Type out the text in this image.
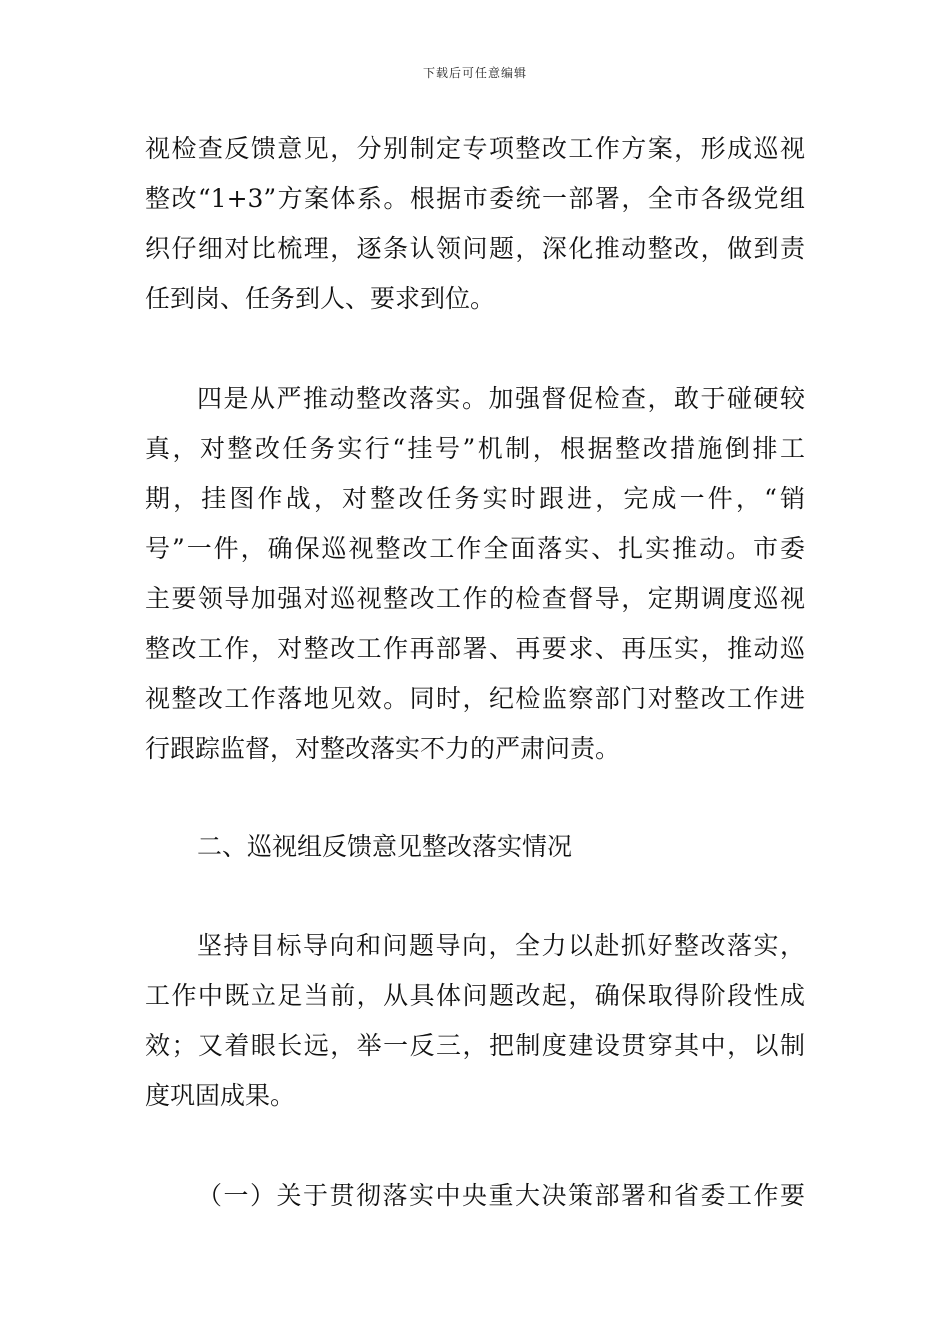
下载后可任意编辑
视检查反馈意见，分别制定专项整改工作方案，形成巡视
整改“1+3”方案体系。根据市委统一部署，全市各级党组
织仔细对比梳理，逐条认领问题，深化推动整改，做到责
任到岗、任务到人、要求到位。
四是从严推动整改落实。加强督促检查，敢于碰硬较
真，对整改任务实行“挂号”机制，根据整改措施倒排工
期，挂图作战，对整改任务实时跟进，完成一件，“销
号”一件，确保巡视整改工作全面落实、扎实推动。市委
主要领导加强对巡视整改工作的检查督导，定期调度巡视
整改工作，对整改工作再部署、再要求、再压实，推动巡
视整改工作落地见效。同时，纪检监察部门对整改工作进
行跟踪监督，对整改落实不力的严肃问责。
二、巡视组反馈意见整改落实情况
坚持目标导向和问题导向，全力以赴抓好整改落实，
工作中既立足当前，从具体问题改起，确保取得阶段性成
效；又着眼长远，举一反三，把制度建设贯穿其中，以制
度巩固成果。
（一）关于贯彻落实中央重大决策部署和省委工作要
